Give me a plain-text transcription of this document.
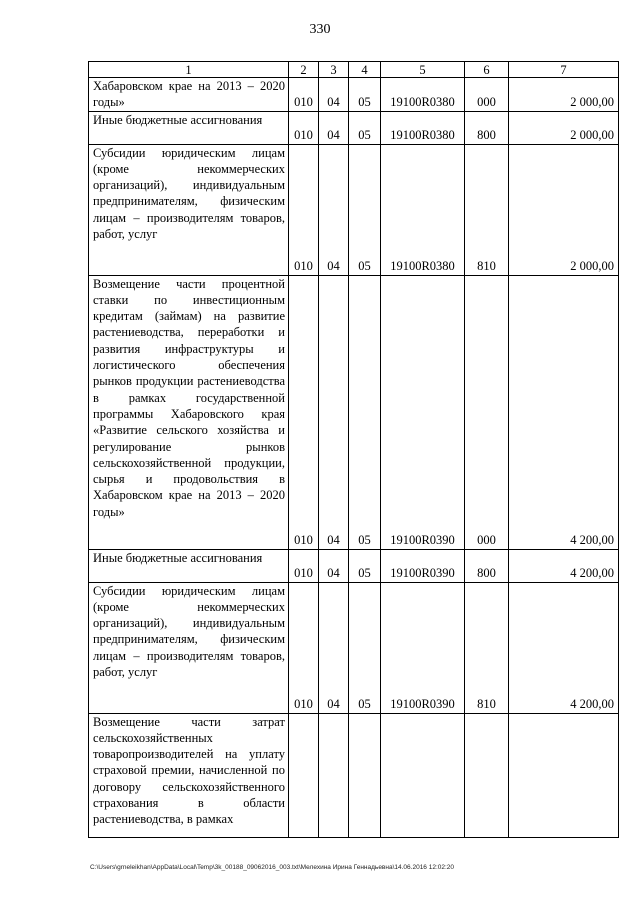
330
1	2	3	4	5	6	7
Хабаровском крае на 2013 – 2020 годы»	010	04	05	19100R0380	000	2 000,00
Иные бюджетные ассигнования	010	04	05	19100R0380	800	2 000,00
Субсидии юридическим лицам (кроме некоммерческих организаций), индивидуальным предпринимателям, физическим лицам – производителям товаров, работ, услуг	010	04	05	19100R0380	810	2 000,00
Возмещение части процентной ставки по инвестиционным кредитам (займам) на развитие растениеводства, переработки и развития инфраструктуры и логистического обеспечения рынков продукции растениеводства в рамках государственной программы Хабаровского края «Развитие сельского хозяйства и регулирование рынков сельскохозяйственной продукции, сырья и продовольствия в Хабаровском крае на 2013 – 2020 годы»	010	04	05	19100R0390	000	4 200,00
Иные бюджетные ассигнования	010	04	05	19100R0390	800	4 200,00
Субсидии юридическим лицам (кроме некоммерческих организаций), индивидуальным предпринимателям, физическим лицам – производителям товаров, работ, услуг	010	04	05	19100R0390	810	4 200,00
Возмещение части затрат сельскохозяйственных товаропроизводителей на уплату страховой премии, начисленной по договору сельскохозяйственного страхования в области растениеводства, в рамках						
C:\Users\grneleikhan\AppData\Local\Temp\3k_00188_09062016_003.txt\Мелехина Ирина Геннадьевна\14.06.2016 12:02:20
